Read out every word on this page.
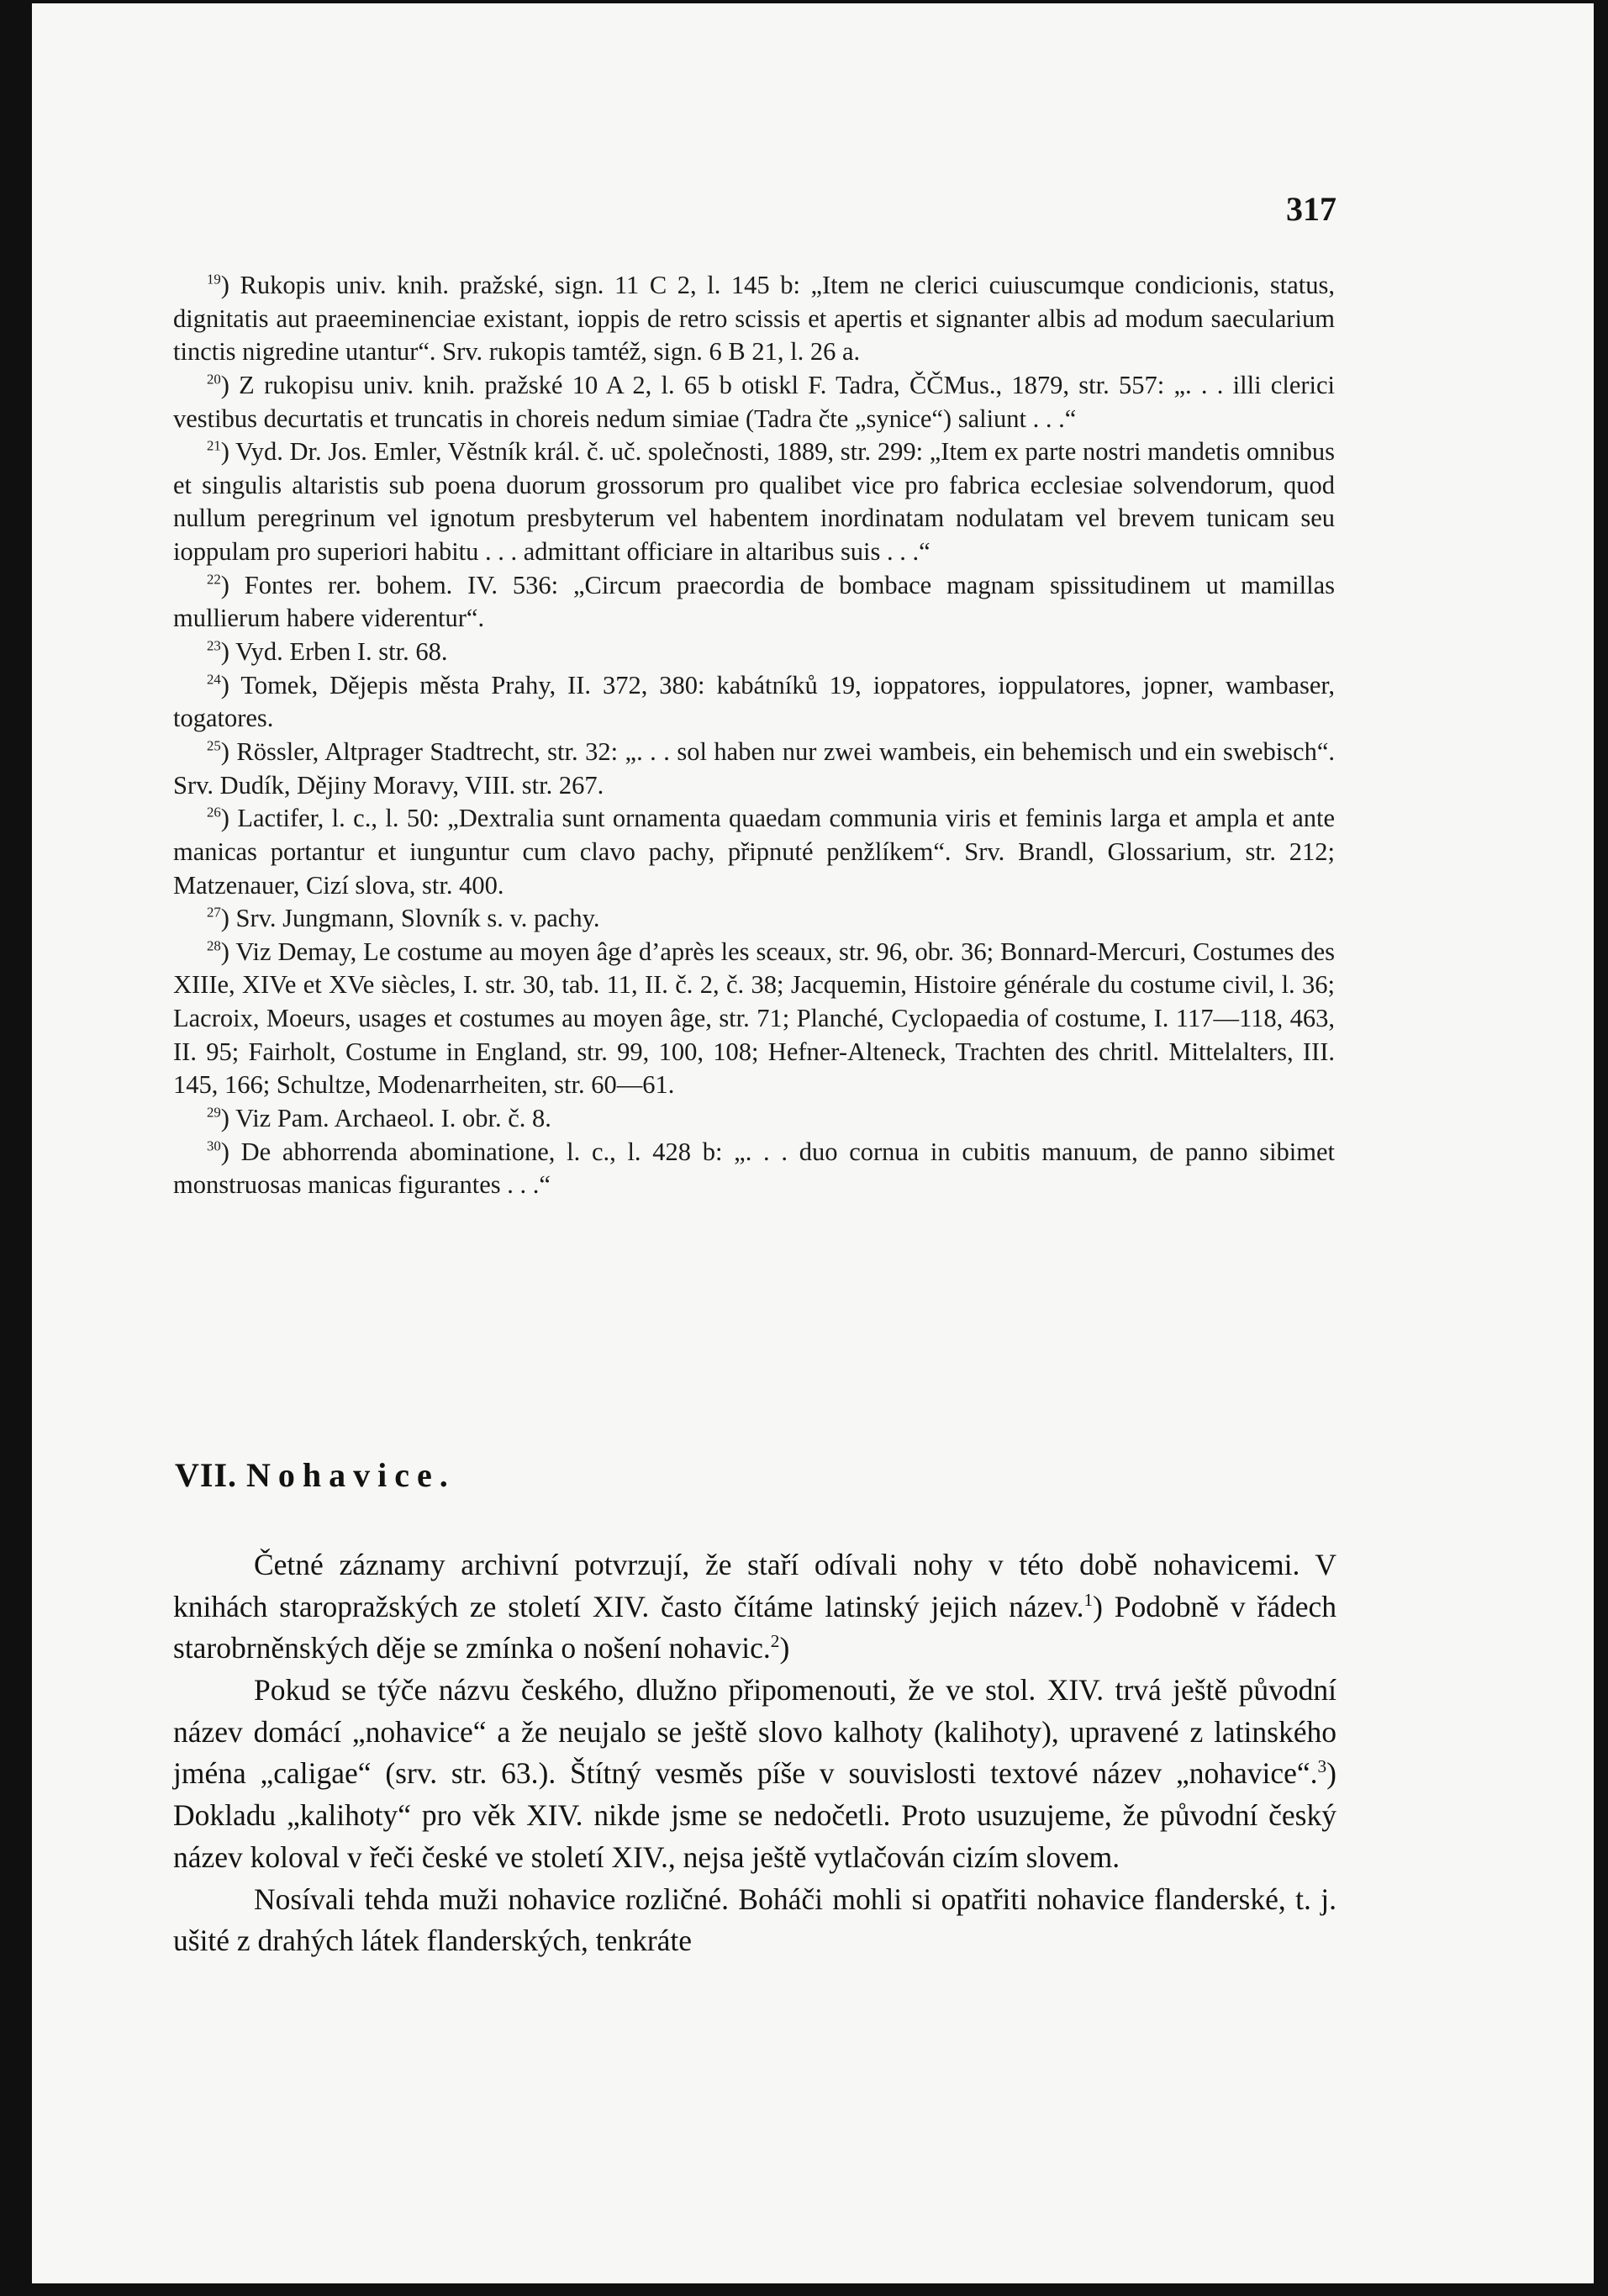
317

$^{19}$) Rukopis univ. knih. pražské, sign. 11 C 2, l. 145 b: „Item ne clerici cuiuscumque condicionis, status, dignitatis aut praeeminenciae existant, ioppis de retro scissis et apertis et signanter albis ad modum saecularium tinctis nigredine utantur“. Srv. rukopis tamtéž, sign. 6 B 21, l. 26 a.

$^{20}$) Z rukopisu univ. knih. pražské 10 A 2, l. 65 b otiskl F. Tadra, ČČMus., 1879, str. 557: „. . . illi clerici vestibus decurtatis et truncatis in choreis nedum simiae (Tadra čte „synice“) saliunt . . .“

$^{21}$) Vyd. Dr. Jos. Emler, Věstník král. č. uč. společnosti, 1889, str. 299: „Item ex parte nostri mandetis omnibus et singulis altaristis sub poena duorum grossorum pro qualibet vice pro fabrica ecclesiae solvendorum, quod nullum peregrinum vel ignotum presbyterum vel habentem inordinatam nodulatam vel brevem tunicam seu ioppulam pro superiori habitu . . . admittant officiare in altaribus suis . . .“

$^{22}$) Fontes rer. bohem. IV. 536: „Circum praecordia de bombace magnam spissitudinem ut mamillas mullierum habere viderentur“.

$^{23}$) Vyd. Erben I. str. 68.

$^{24}$) Tomek, Dějepis města Prahy, II. 372, 380: kabátníků 19, ioppatores, ioppulatores, jopner, wambaser, togatores.

$^{25}$) Rössler, Altprager Stadtrecht, str. 32: „. . . sol haben nur zwei wambeis, ein behemisch und ein swebisch“. Srv. Dudík, Dějiny Moravy, VIII. str. 267.

$^{26}$) Lactifer, l. c., l. 50: „Dextralia sunt ornamenta quaedam communia viris et feminis larga et ampla et ante manicas portantur et iunguntur cum clavo pachy, připnuté penžlíkem“. Srv. Brandl, Glossarium, str. 212; Matzenauer, Cizí slova, str. 400.

$^{27}$) Srv. Jungmann, Slovník s. v. pachy.

$^{28}$) Viz Demay, Le costume au moyen âge d’après les sceaux, str. 96, obr. 36; Bonnard-Mercuri, Costumes des XIIIe, XIVe et XVe siècles, I. str. 30, tab. 11, II. č. 2, č. 38; Jacquemin, Histoire générale du costume civil, l. 36; Lacroix, Moeurs, usages et costumes au moyen âge, str. 71; Planché, Cyclopaedia of costume, I. 117—118, 463, II. 95; Fairholt, Costume in England, str. 99, 100, 108; Hefner-Alteneck, Trachten des chritl. Mittelalters, III. 145, 166; Schultze, Modenarrheiten, str. 60—61.

$^{29}$) Viz Pam. Archaeol. I. obr. č. 8.

$^{30}$) De abhorrenda abominatione, l. c., l. 428 b: „. . . duo cornua in cubitis manuum, de panno sibimet monstruosas manicas figurantes . . .“

VII. Nohavice.

Četné záznamy archivní potvrzují, že staří odívali nohy v této době nohavicemi. V knihách staropražských ze století XIV. často čítáme latinský jejich název.$^1$) Podobně v řádech starobrněnských děje se zmínka o nošení nohavic.$^2$)

Pokud se týče názvu českého, dlužno připomenouti, že ve stol. XIV. trvá ještě původní název domácí „nohavice“ a že neujalo se ještě slovo kalhoty (kalihoty), upravené z latinského jména „caligae“ (srv. str. 63.). Štítný vesměs píše v souvislosti textové název „nohavice“.$^3$) Dokladu „kalihoty“ pro věk XIV. nikde jsme se nedočetli. Proto usuzujeme, že původní český název koloval v řeči české ve století XIV., nejsa ještě vytlačován cizím slovem.

Nosívali tehda muži nohavice rozličné. Boháči mohli si opatřiti nohavice flanderské, t. j. ušité z drahých látek flanderských, tenkráte
